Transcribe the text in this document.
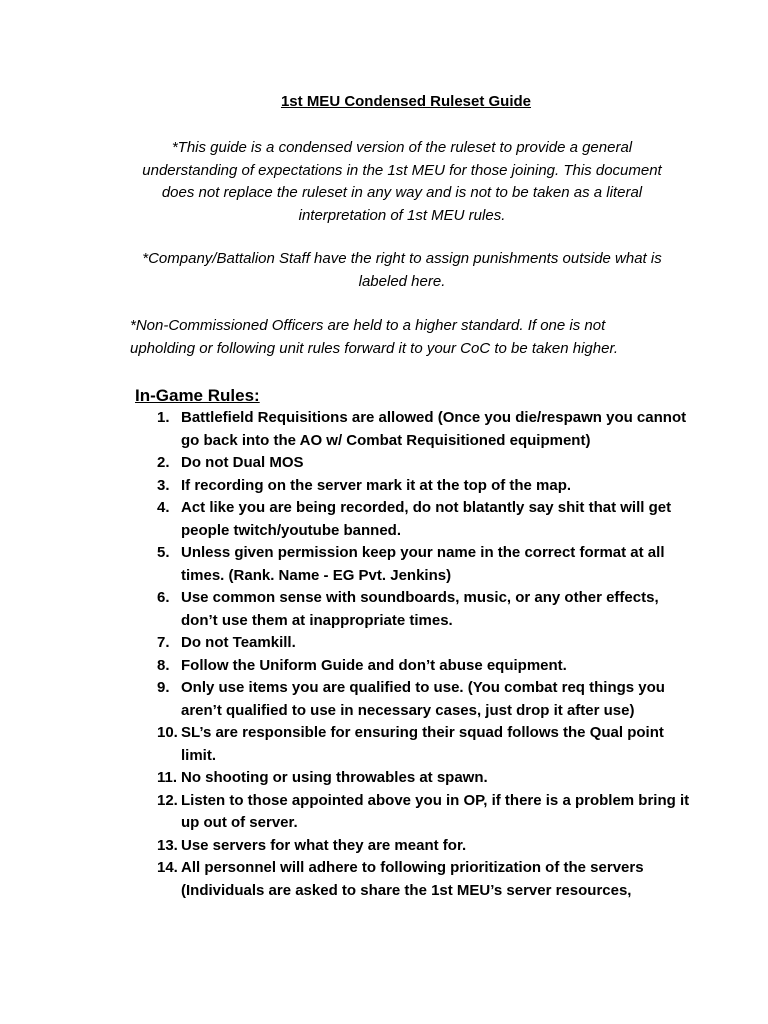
1st MEU Condensed Ruleset Guide
*This guide is a condensed version of the ruleset to provide a general understanding of expectations in the 1st MEU for those joining. This document does not replace the ruleset in any way and is not to be taken as a literal interpretation of 1st MEU rules.
*Company/Battalion Staff have the right to assign punishments outside what is labeled here.
*Non-Commissioned Officers are held to a higher standard. If one is not upholding or following unit rules forward it to your CoC to be taken higher.
In-Game Rules:
1. Battlefield Requisitions are allowed (Once you die/respawn you cannot go back into the AO w/ Combat Requisitioned equipment)
2. Do not Dual MOS
3. If recording on the server mark it at the top of the map.
4. Act like you are being recorded, do not blatantly say shit that will get people twitch/youtube banned.
5. Unless given permission keep your name in the correct format at all times. (Rank. Name - EG Pvt. Jenkins)
6. Use common sense with soundboards, music, or any other effects, don’t use them at inappropriate times.
7. Do not Teamkill.
8. Follow the Uniform Guide and don’t abuse equipment.
9. Only use items you are qualified to use. (You combat req things you aren’t qualified to use in necessary cases, just drop it after use)
10. SL’s are responsible for ensuring their squad follows the Qual point limit.
11. No shooting or using throwables at spawn.
12. Listen to those appointed above you in OP, if there is a problem bring it up out of server.
13. Use servers for what they are meant for.
14. All personnel will adhere to following prioritization of the servers (Individuals are asked to share the 1st MEU’s server resources,
